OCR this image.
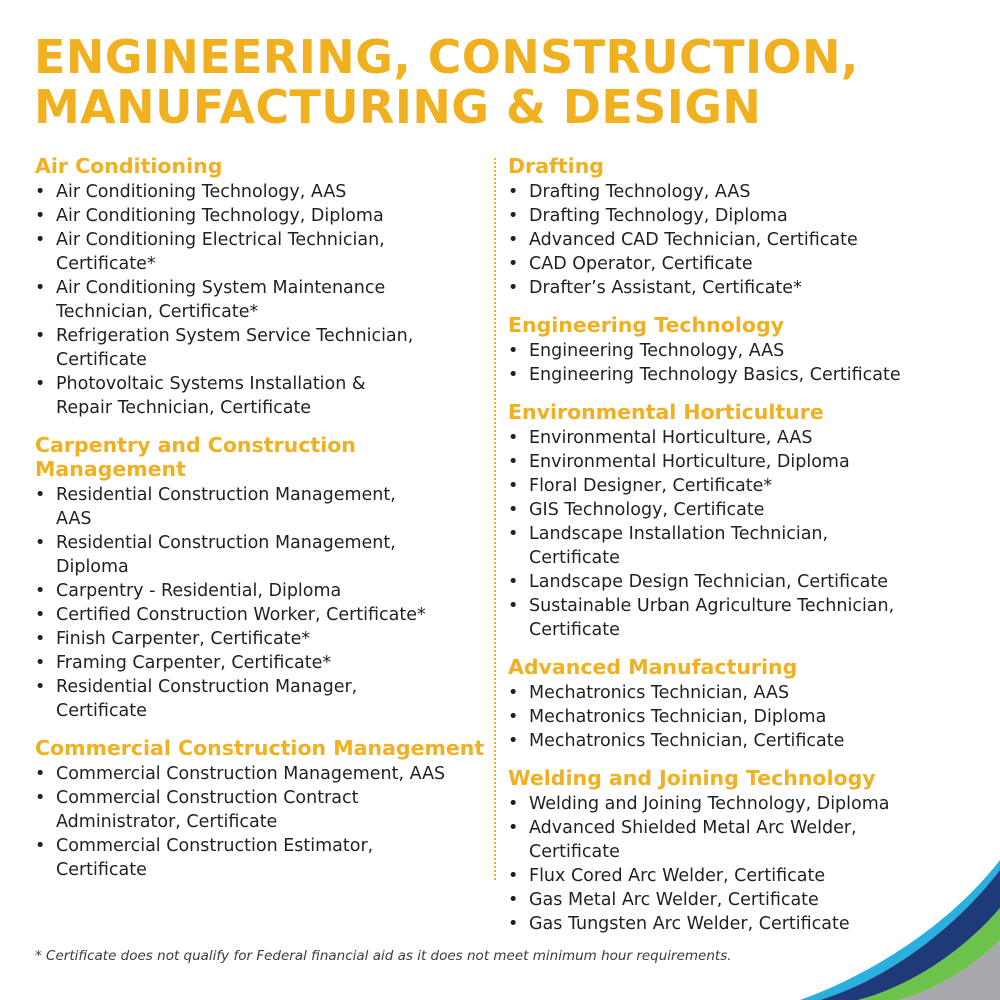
ENGINEERING, CONSTRUCTION,
MANUFACTURING & DESIGN
Air Conditioning
• Air Conditioning Technology, AAS
• Air Conditioning Technology, Diploma
• Air Conditioning Electrical Technician,
Certificate*
• Air Conditioning System Maintenance
Technician, Certificate*
• Refrigeration System Service Technician,
Certificate
• Photovoltaic Systems Installation &
Repair Technician, Certificate
Carpentry and Construction
Management
• Residential Construction Management,
AAS
• Residential Construction Management,
Diploma
• Carpentry - Residential, Diploma
• Certified Construction Worker, Certificate*
• Finish Carpenter, Certificate*
• Framing Carpenter, Certificate*
• Residential Construction Manager,
Certificate
Commercial Construction Management
• Commercial Construction Management, AAS
• Commercial Construction Contract
Administrator, Certificate
• Commercial Construction Estimator,
Certificate
Drafting
• Drafting Technology, AAS
• Drafting Technology, Diploma
• Advanced CAD Technician, Certificate
• CAD Operator, Certificate
• Drafter’s Assistant, Certificate*
Engineering Technology
• Engineering Technology, AAS
• Engineering Technology Basics, Certificate
Environmental Horticulture
• Environmental Horticulture, AAS
• Environmental Horticulture, Diploma
• Floral Designer, Certificate*
• GIS Technology, Certificate
• Landscape Installation Technician,
Certificate
• Landscape Design Technician, Certificate
• Sustainable Urban Agriculture Technician,
Certificate
Advanced Manufacturing
• Mechatronics Technician, AAS
• Mechatronics Technician, Diploma
• Mechatronics Technician, Certificate
Welding and Joining Technology
• Welding and Joining Technology, Diploma
• Advanced Shielded Metal Arc Welder,
Certificate
• Flux Cored Arc Welder, Certificate
• Gas Metal Arc Welder, Certificate
• Gas Tungsten Arc Welder, Certificate

* Certificate does not qualify for Federal financial aid as it does not meet minimum hour requirements.
